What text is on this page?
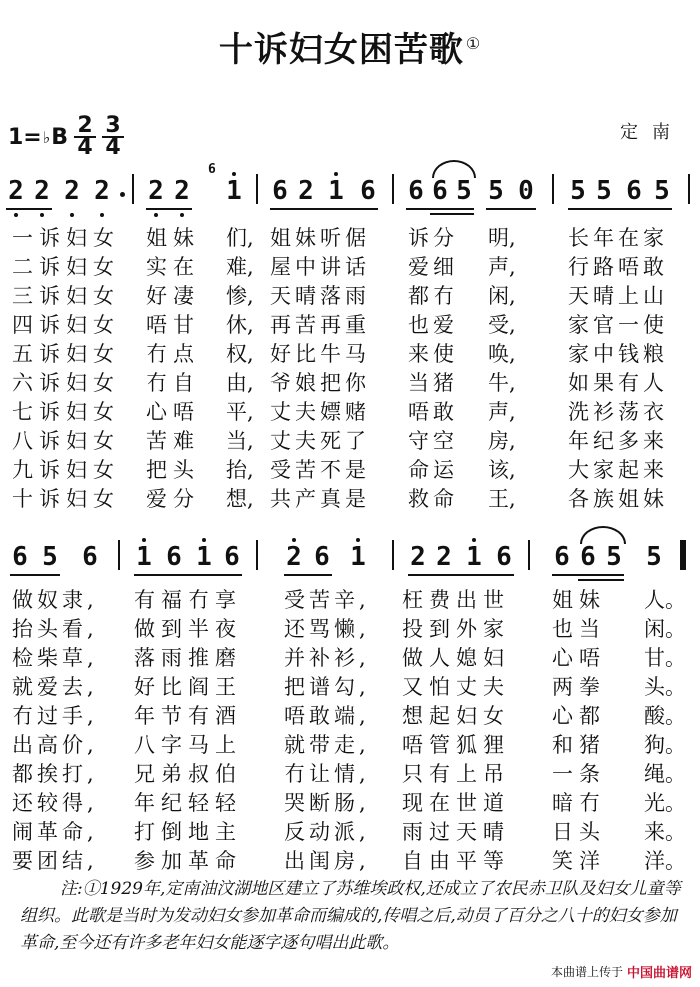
十诉妇女困苦歌 ①
1= ♭ B 2
4
3
4
定南
2 2 2 2 2 2
6
1 6 2 1 6 6 6 5 5 0 5 5 6 5
一诉妇女 姐妹 们, 姐妹听倨 诉分 明, 长年在家
二诉妇女 实在 难, 屋中讲话 爱细 声, 行路唔敢
三诉妇女 好凄 惨, 天晴落雨 都冇 闲, 天晴上山
四诉妇女 唔甘 休, 再苦再重 也爱 受, 家官一使
五诉妇女 冇点 权, 好比牛马 来使 唤, 家中钱粮
六诉妇女 冇自 由, 爷娘把你 当猪 牛, 如果有人
七诉妇女 心唔 平, 丈夫嫖赌 唔敢 声, 洗衫荡衣
八诉妇女 苦难 当, 丈夫死了 守空 房, 年纪多来
九诉妇女 把头 抬, 受苦不是 命运 该, 大家起来
十诉妇女 爱分 想, 共产真是 救命 王, 各族姐妹
6 5 6 1 6 1 6 2 6 1 2 2 1 6 6 6 5 5
做奴隶, 有福冇享 受苦辛, 枉费出世 姐妹 人。
抬头看, 做到半夜 还骂懒, 投到外家 也当 闲。
检柴草, 落雨推磨 并补衫, 做人媳妇 心唔 甘。
就爱去, 好比阎王 把谱勾, 又怕丈夫 两拳 头。
冇过手, 年节有酒 唔敢端, 想起妇女 心都 酸。
出高价, 八字马上 就带走, 唔管狐狸 和猪 狗。
都挨打, 兄弟叔伯 冇让情, 只有上吊 一条 绳。
还较得, 年纪轻轻 哭断肠, 现在世道 暗冇 光。
闹革命, 打倒地主 反动派, 雨过天晴 日头 来。
要团结, 参加革命 出闺房, 自由平等 笑洋 洋。
注:①1929年,定南油汶湖地区建立了苏维埃政权,还成立了农民赤卫队及妇女儿童等组织。此歌是当时为发动妇女参加革命而编成的,传唱之后,动员了百分之八十的妇女参加革命,至今还有许多老年妇女能逐字逐句唱出此歌。
本曲谱上传于 中国曲谱网
